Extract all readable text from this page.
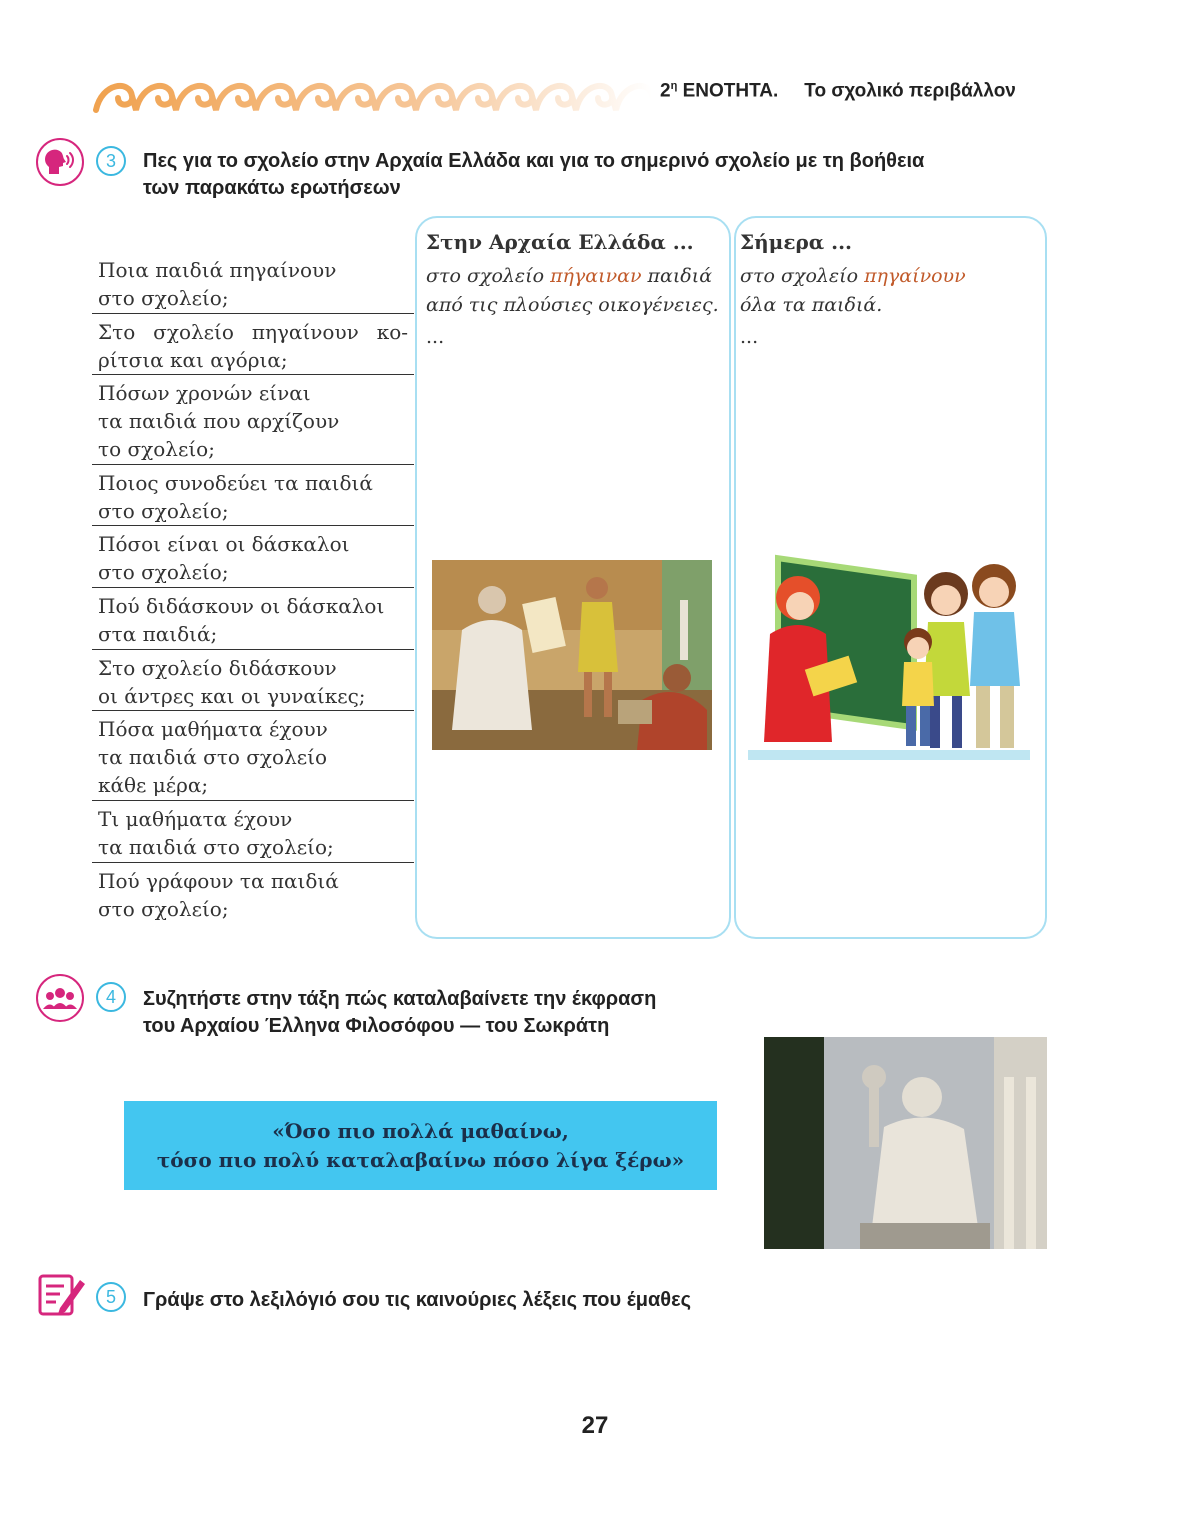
$2^\eta$ ΕΝΟΤΗΤΑ. Το σχολικό περιβάλλον
3 Πες για το σχολείο στην Αρχαία Ελλάδα και για το σημερινό σχολείο με τη βοήθεια
των παρακάτω ερωτήσεων
Ποια παιδιά πηγαίνουν
στο σχολείο;
Στο σχολείο πηγαίνουν κο-
ρίτσια και αγόρια;
Πόσων χρονών είναι
τα παιδιά που αρχίζουν
το σχολείο;
Ποιος συνοδεύει τα παιδιά
στο σχολείο;
Πόσοι είναι οι δάσκαλοι
στο σχολείο;
Πού διδάσκουν οι δάσκαλοι
στα παιδιά;
Στο σχολείο διδάσκουν
οι άντρες και οι γυναίκες;
Πόσα μαθήματα έχουν
τα παιδιά στο σχολείο
κάθε μέρα;
Τι μαθήματα έχουν
τα παιδιά στο σχολείο;
Πού γράφουν τα παιδιά
στο σχολείο;
Στην Αρχαία Ελλάδα ...
στο σχολείο πήγαιναν παιδιά
από τις πλούσιες οικογένειες.
...
Σήμερα ...
στο σχολείο πηγαίνουν
όλα τα παιδιά.
...
4 Συζητήστε στην τάξη πώς καταλαβαίνετε την έκφραση
του Αρχαίου Έλληνα Φιλοσόφου — του Σωκράτη
«Όσο πιο πολλά μαθαίνω,
τόσο πιο πολύ καταλαβαίνω πόσο λίγα ξέρω»
5 Γράψε στο λεξιλόγιό σου τις καινούριες λέξεις που έμαθες
27
